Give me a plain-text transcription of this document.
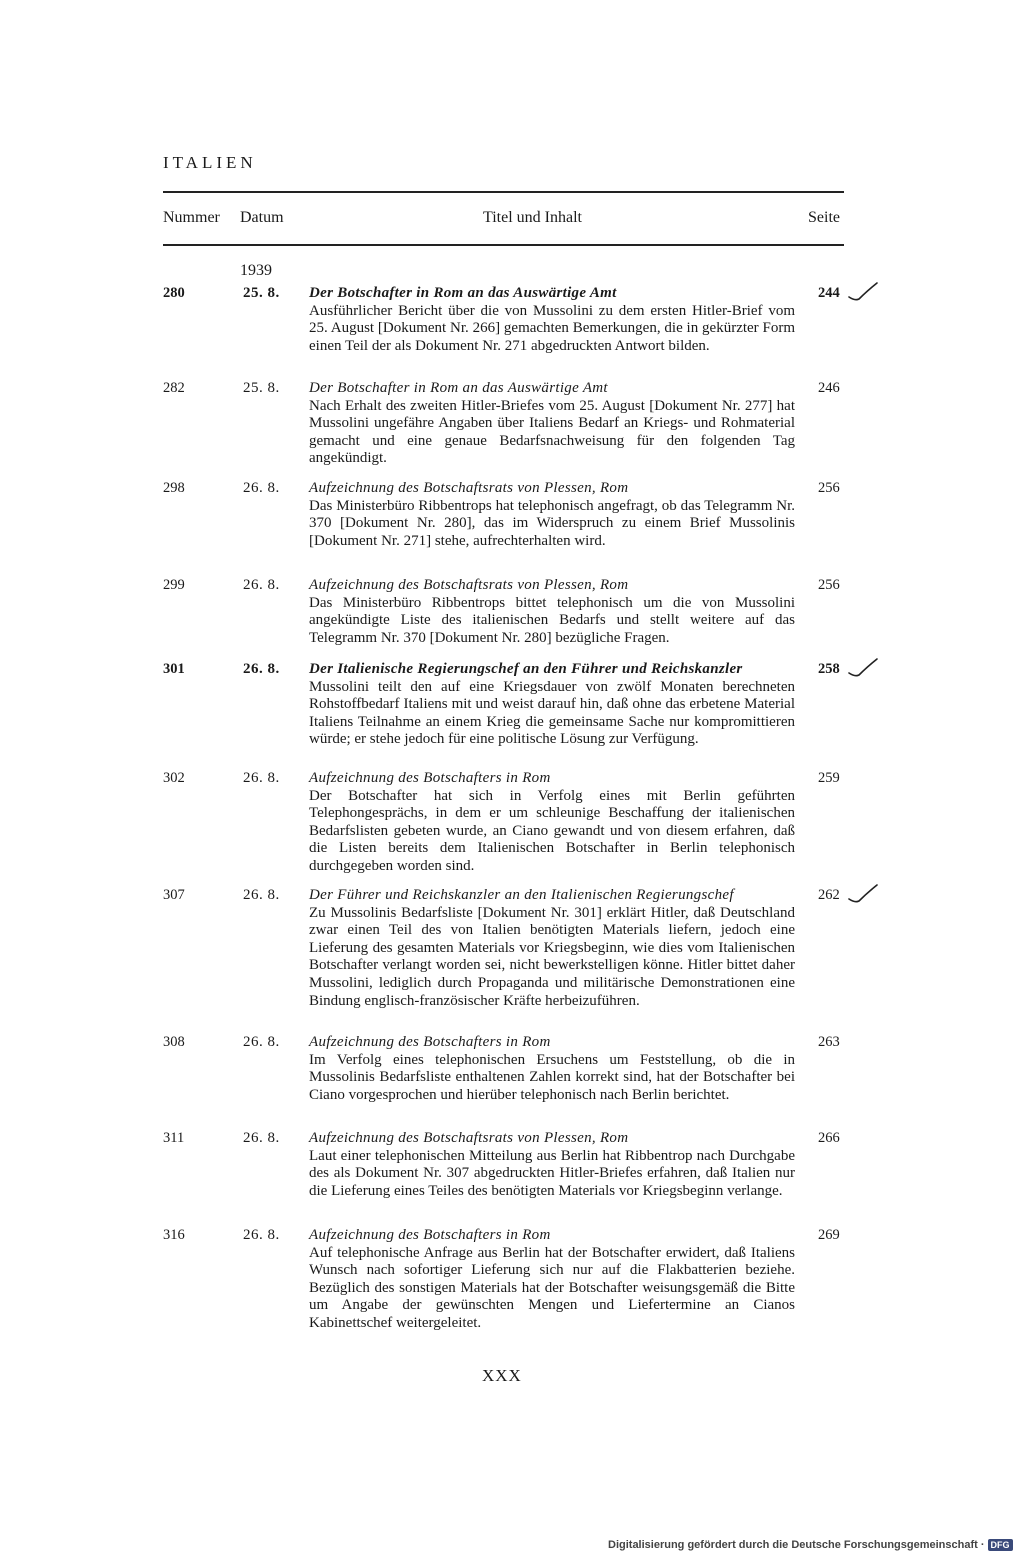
ITALIEN
Nummer Datum	Titel und Inhalt	Seite
1939
280	25. 8. Der Botschafter in Rom an das Auswärtige Amt
Ausführlicher Bericht über die von Mussolini zu dem ersten Hitler-Brief vom 25. August [Dokument Nr. 266] gemachten Bemerkungen, die in gekürzter Form einen Teil der als Dokument Nr. 271 abgedruckten Antwort bilden.
244
282	25. 8. Der Botschafter in Rom an das Auswärtige Amt
Nach Erhalt des zweiten Hitler-Briefes vom 25. August [Dokument Nr. 277] hat Mussolini ungefähre Angaben über Italiens Bedarf an Kriegs- und Rohmaterial gemacht und eine genaue Bedarfsnachweisung für den folgenden Tag angekündigt.
246
298	26. 8. Aufzeichnung des Botschaftsrats von Plessen, Rom
Das Ministerbüro Ribbentrops hat telephonisch angefragt, ob das Telegramm Nr. 370 [Dokument Nr. 280], das im Widerspruch zu einem Brief Mussolinis [Dokument Nr. 271] stehe, aufrechterhalten wird.
256
299	26. 8. Aufzeichnung des Botschaftsrats von Plessen, Rom
Das Ministerbüro Ribbentrops bittet telephonisch um die von Mussolini angekündigte Liste des italienischen Bedarfs und stellt weitere auf das Telegramm Nr. 370 [Dokument Nr. 280] bezügliche Fragen.
256
301	26. 8. Der Italienische Regierungschef an den Führer und Reichskanzler
Mussolini teilt den auf eine Kriegsdauer von zwölf Monaten berechneten Rohstoffbedarf Italiens mit und weist darauf hin, daß ohne das erbetene Material Italiens Teilnahme an einem Krieg die gemeinsame Sache nur kompromittieren würde; er stehe jedoch für eine politische Lösung zur Verfügung.
258
302	26. 8. Aufzeichnung des Botschafters in Rom
Der Botschafter hat sich in Verfolg eines mit Berlin geführten Telephongesprächs, in dem er um schleunige Beschaffung der italienischen Bedarfslisten gebeten wurde, an Ciano gewandt und von diesem erfahren, daß die Listen bereits dem Italienischen Botschafter in Berlin telephonisch durchgegeben worden sind.
259
307	26. 8. Der Führer und Reichskanzler an den Italienischen Regierungschef
Zu Mussolinis Bedarfsliste [Dokument Nr. 301] erklärt Hitler, daß Deutschland zwar einen Teil des von Italien benötigten Materials liefern, jedoch eine Lieferung des gesamten Materials vor Kriegsbeginn, wie dies vom Italienischen Botschafter verlangt worden sei, nicht bewerkstelligen könne. Hitler bittet daher Mussolini, lediglich durch Propaganda und militärische Demonstrationen eine Bindung englisch-französischer Kräfte herbeizuführen.
262
308	26. 8. Aufzeichnung des Botschafters in Rom
Im Verfolg eines telephonischen Ersuchens um Feststellung, ob die in Mussolinis Bedarfsliste enthaltenen Zahlen korrekt sind, hat der Botschafter bei Ciano vorgesprochen und hierüber telephonisch nach Berlin berichtet.
263
311	26. 8. Aufzeichnung des Botschaftsrats von Plessen, Rom
Laut einer telephonischen Mitteilung aus Berlin hat Ribbentrop nach Durchgabe des als Dokument Nr. 307 abgedruckten Hitler-Briefes erfahren, daß Italien nur die Lieferung eines Teiles des benötigten Materials vor Kriegsbeginn verlange.
266
316	26. 8. Aufzeichnung des Botschafters in Rom
Auf telephonische Anfrage aus Berlin hat der Botschafter erwidert, daß Italiens Wunsch nach sofortiger Lieferung sich nur auf die Flakbatterien beziehe. Bezüglich des sonstigen Materials hat der Botschafter weisungsgemäß die Bitte um Angabe der gewünschten Mengen und Liefertermine an Cianos Kabinettschef weitergeleitet.
269
XXX
Digitalisierung gefördert durch die Deutsche Forschungsgemeinschaft · DFG
